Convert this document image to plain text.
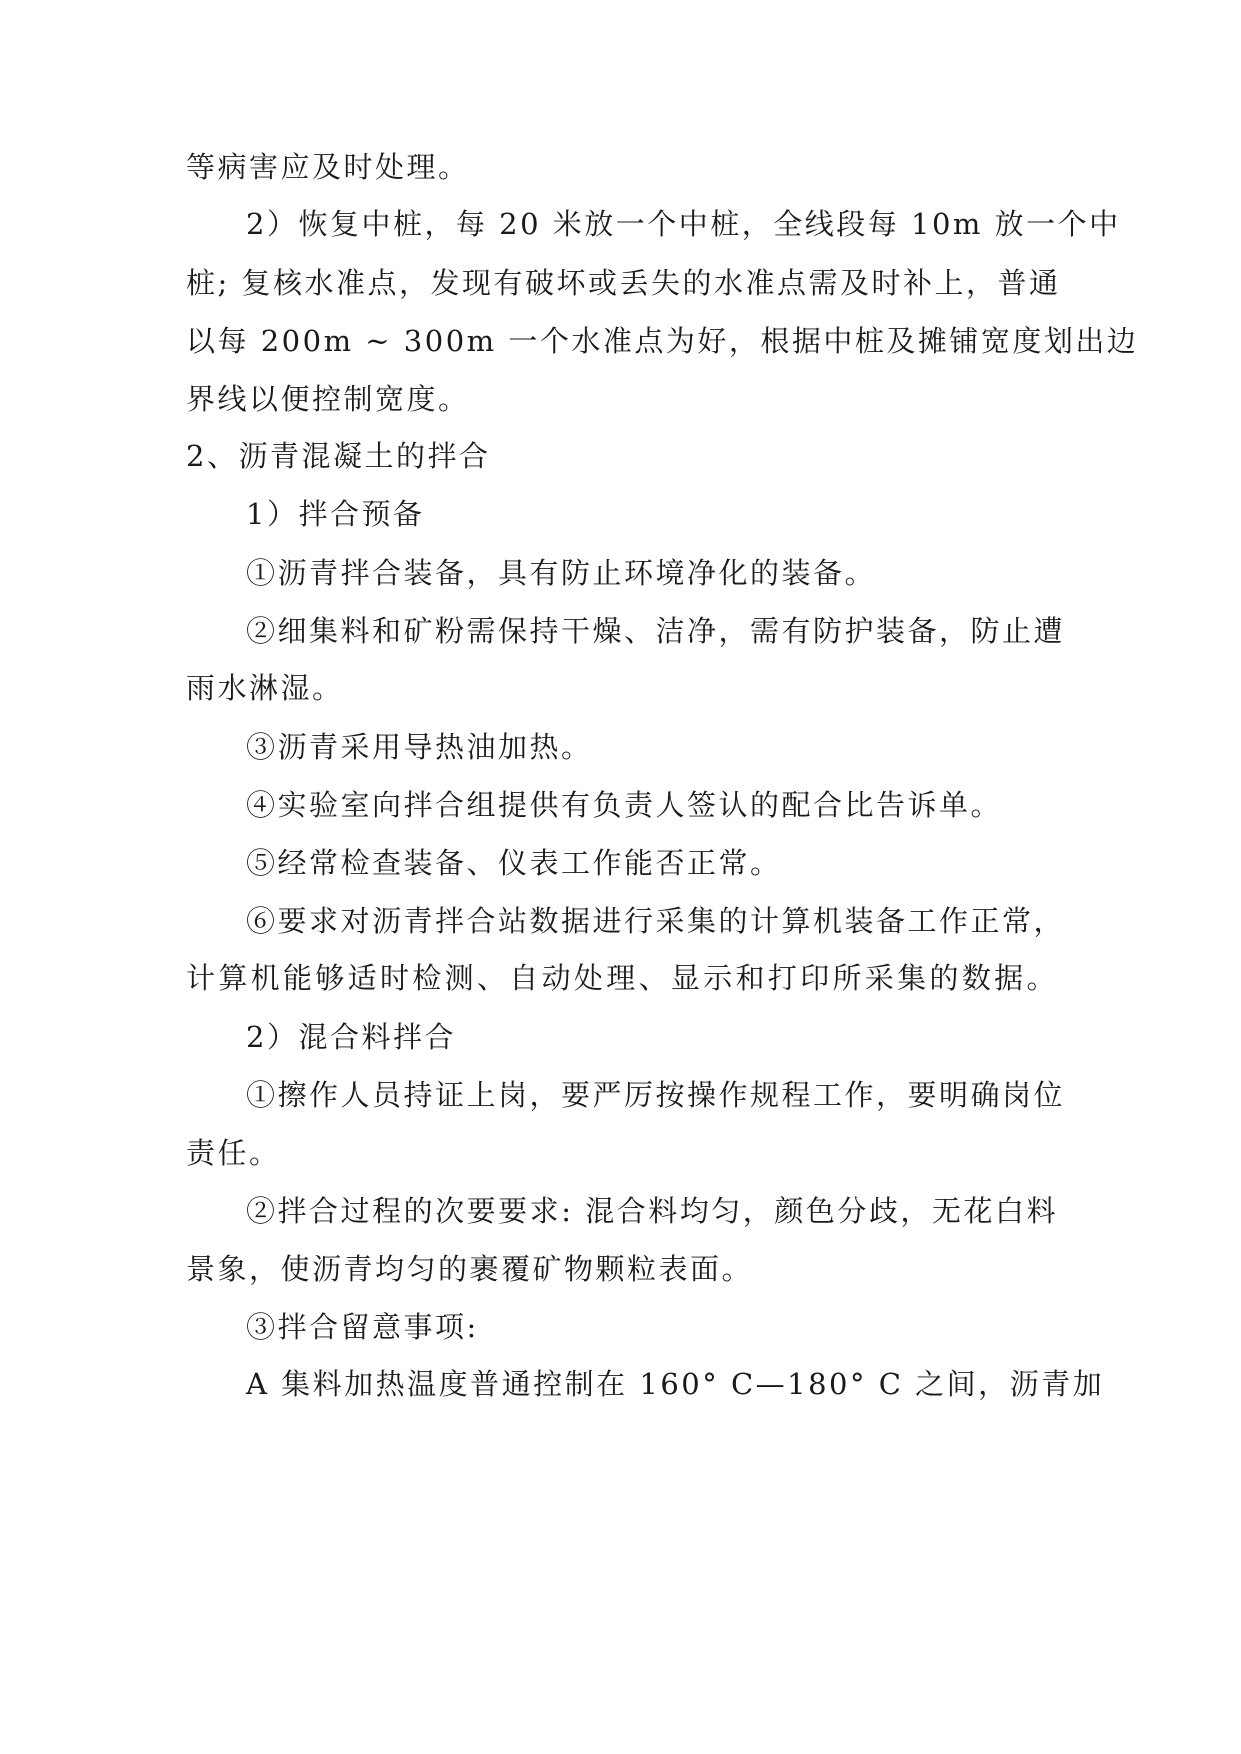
等病害应及时处理。
2）恢复中桩，每 20 米放一个中桩，全线段每 10m 放一个中
桩; 复核水准点，发现有破坏或丢失的水准点需及时补上，普通
以每 200m ~ 300m 一个水准点为好，根据中桩及摊铺宽度划出边
界线以便控制宽度。
2、沥青混凝土的拌合
1）拌合预备
①沥青拌合装备，具有防止环境净化的装备。
②细集料和矿粉需保持干燥、洁净，需有防护装备，防止遭
雨水淋湿。
③沥青采用导热油加热。
④实验室向拌合组提供有负责人签认的配合比告诉单。
⑤经常检查装备、仪表工作能否正常。
⑥要求对沥青拌合站数据进行采集的计算机装备工作正常，
计算机能够适时检测、自动处理、显示和打印所采集的数据。
2）混合料拌合
①擦作人员持证上岗，要严厉按操作规程工作，要明确岗位
责任。
②拌合过程的次要要求: 混合料均匀，颜色分歧，无花白料
景象，使沥青均匀的裹覆矿物颗粒表面。
③拌合留意事项:
A 集料加热温度普通控制在 160° C—180° C 之间，沥青加
